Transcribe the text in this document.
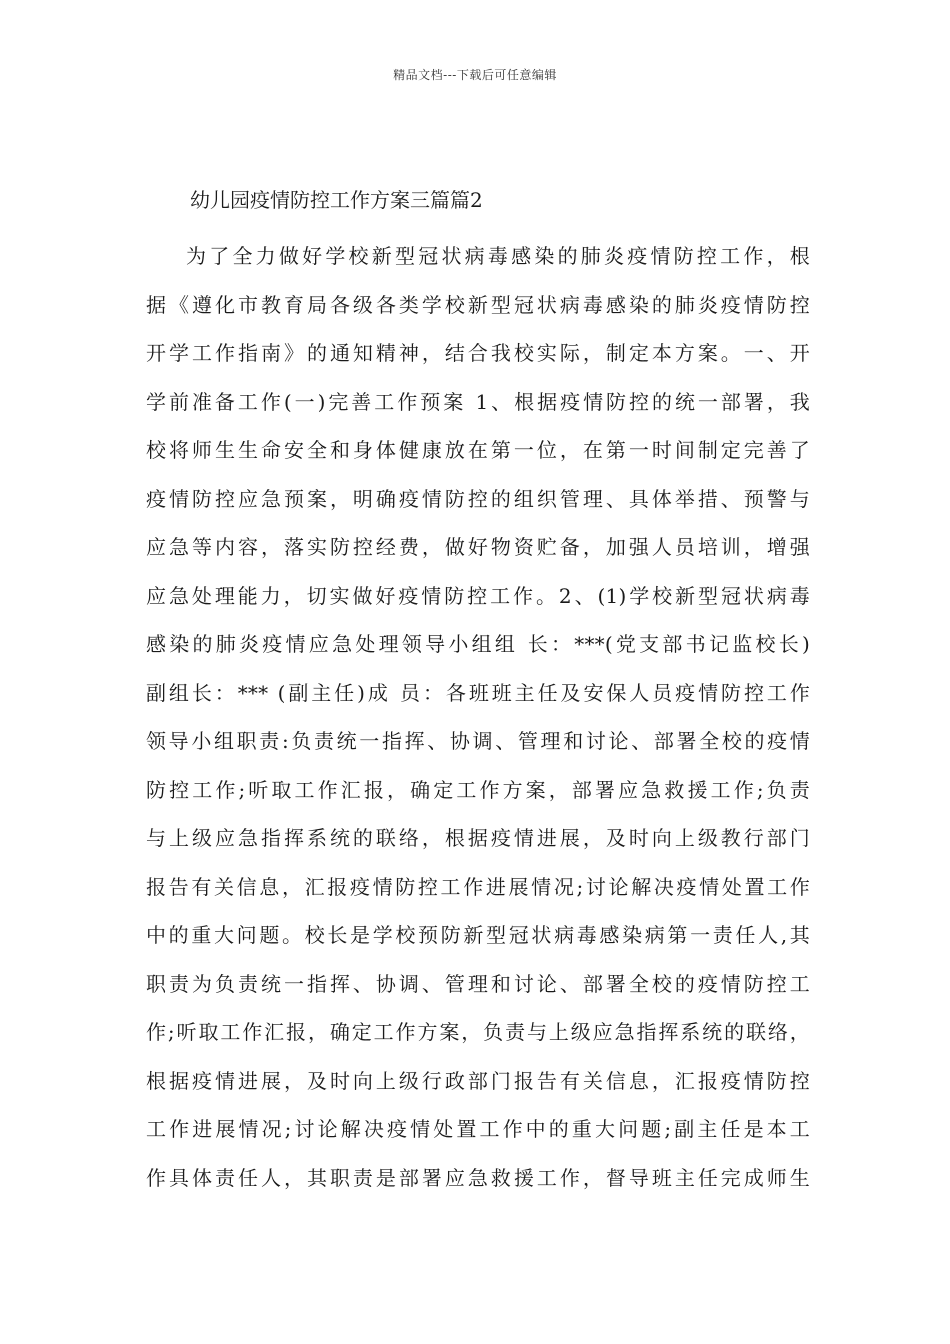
精品文档---下载后可任意编辑
幼儿园疫情防控工作方案三篇篇2
为了全力做好学校新型冠状病毒感染的肺炎疫情防控工作，根
据《遵化市教育局各级各类学校新型冠状病毒感染的肺炎疫情防控
开学工作指南》的通知精神，结合我校实际，制定本方案。一、开
学前准备工作(一)完善工作预案 1、根据疫情防控的统一部署，我
校将师生生命安全和身体健康放在第一位，在第一时间制定完善了
疫情防控应急预案，明确疫情防控的组织管理、具体举措、预警与
应急等内容，落实防控经费，做好物资贮备，加强人员培训，增强
应急处理能力，切实做好疫情防控工作。2、(1)学校新型冠状病毒
感染的肺炎疫情应急处理领导小组组 长：***(党支部书记监校长)
副组长：*** (副主任)成 员：各班班主任及安保人员疫情防控工作
领导小组职责:负责统一指挥、协调、管理和讨论、部署全校的疫情
防控工作;听取工作汇报，确定工作方案，部署应急救援工作;负责
与上级应急指挥系统的联络，根据疫情进展，及时向上级教行部门
报告有关信息，汇报疫情防控工作进展情况;讨论解决疫情处置工作
中的重大问题。校长是学校预防新型冠状病毒感染病第一责任人,其
职责为负责统一指挥、协调、管理和讨论、部署全校的疫情防控工
作;听取工作汇报，确定工作方案，负责与上级应急指挥系统的联络，
根据疫情进展，及时向上级行政部门报告有关信息，汇报疫情防控
工作进展情况;讨论解决疫情处置工作中的重大问题;副主任是本工
作具体责任人，其职责是部署应急救援工作，督导班主任完成师生
